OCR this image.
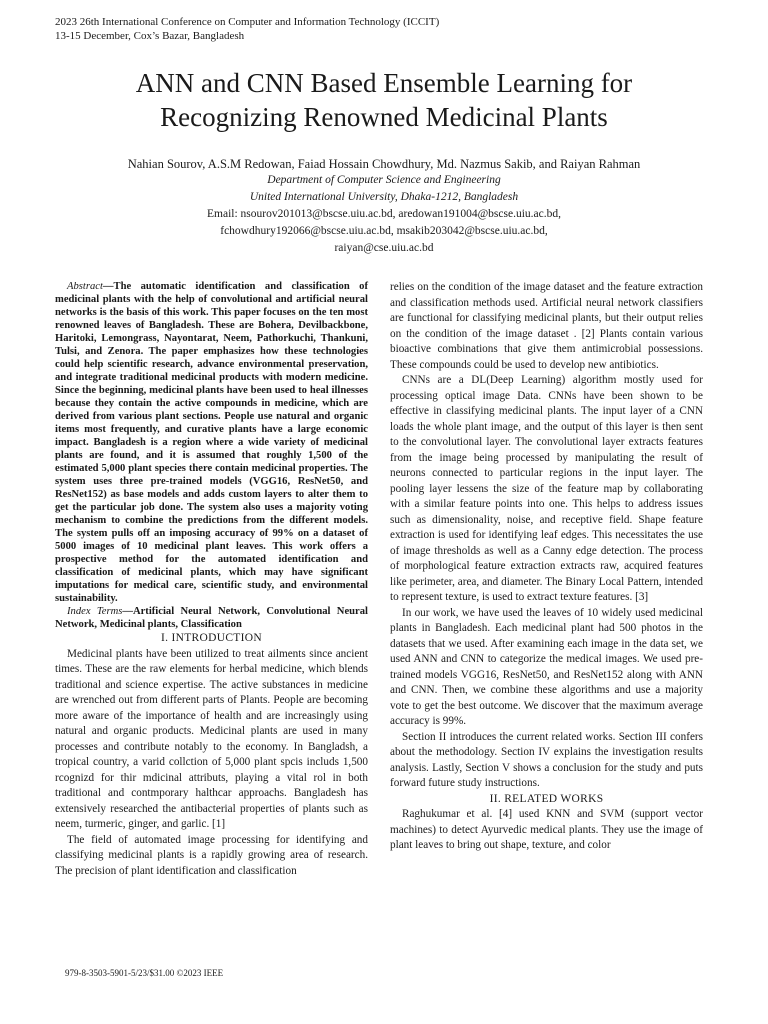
2023 26th International Conference on Computer and Information Technology (ICCIT)
13-15 December, Cox’s Bazar, Bangladesh
ANN and CNN Based Ensemble Learning for
Recognizing Renowned Medicinal Plants
Nahian Sourov, A.S.M Redowan, Faiad Hossain Chowdhury, Md. Nazmus Sakib, and Raiyan Rahman
Department of Computer Science and Engineering
United International University, Dhaka-1212, Bangladesh
Email: nsourov201013@bscse.uiu.ac.bd, aredowan191004@bscse.uiu.ac.bd,
fchowdhury192066@bscse.uiu.ac.bd, msakib203042@bscse.uiu.ac.bd,
raiyan@cse.uiu.ac.bd

Abstract—The automatic identification and classification of medicinal plants with the help of convolutional and artificial neural networks is the basis of this work. This paper focuses on the ten most renowned leaves of Bangladesh. These are Bohera, Devilbackbone, Haritoki, Lemongrass, Nayontarat, Neem, Pathorkuchi, Thankuni, Tulsi, and Zenora. The paper emphasizes how these technologies could help scientific research, advance environmental preservation, and integrate traditional medicinal products with modern medicine. Since the beginning, medicinal plants have been used to heal illnesses because they contain the active compounds in medicine, which are derived from various plant sections. People use natural and organic items most frequently, and curative plants have a large economic impact. Bangladesh is a region where a wide variety of medicinal plants are found, and it is assumed that roughly 1,500 of the estimated 5,000 plant species there contain medicinal properties. The system uses three pre-trained models (VGG16, ResNet50, and ResNet152) as base models and adds custom layers to alter them to get the particular job done. The system also uses a majority voting mechanism to combine the predictions from the different models. The system pulls off an imposing accuracy of 99% on a dataset of 5000 images of 10 medicinal plant leaves. This work offers a prospective method for the automated identification and classification of medicinal plants, which may have significant imputations for medical care, scientific study, and environmental sustainability.

Index Terms—Artificial Neural Network, Convolutional Neural Network, Medicinal plants, Classification

I. INTRODUCTION

Medicinal plants have been utilized to treat ailments since ancient times. These are the raw elements for herbal medicine, which blends traditional and science expertise. The active substances in medicine are wrenched out from different parts of Plants. People are becoming more aware of the importance of health and are increasingly using natural and organic products. Medicinal plants are used in many processes and contribute notably to the economy. In Bangladsh, a tropical country, a varid collction of 5,000 plant spcis includs 1,500 rcognizd for thir mdicinal attributs, playing a vital rol in both traditional and contmporary halthcar approachs. Bangladesh has extensively researched the antibacterial properties of plants such as neem, turmeric, ginger, and garlic. [1]

The field of automated image processing for identifying and classifying medicinal plants is a rapidly growing area of research. The precision of plant identification and classification

relies on the condition of the image dataset and the feature extraction and classification methods used. Artificial neural network classifiers are functional for classifying medicinal plants, but their output relies on the condition of the image dataset . [2] Plants contain various bioactive combinations that give them antimicrobial possessions. These compounds could be used to develop new antibiotics.

CNNs are a DL(Deep Learning) algorithm mostly used for processing optical image Data. CNNs have been shown to be effective in classifying medicinal plants. The input layer of a CNN loads the whole plant image, and the output of this layer is then sent to the convolutional layer. The convolutional layer extracts features from the image being processed by manipulating the result of neurons connected to particular regions in the input layer. The pooling layer lessens the size of the feature map by collaborating with a similar feature points into one. This helps to address issues such as dimensionality, noise, and receptive field. Shape feature extraction is used for identifying leaf edges. This necessitates the use of image thresholds as well as a Canny edge detection. The process of morphological feature extraction extracts raw, acquired features like perimeter, area, and diameter. The Binary Local Pattern, intended to represent texture, is used to extract texture features. [3]

In our work, we have used the leaves of 10 widely used medicinal plants in Bangladesh. Each medicinal plant had 500 photos in the datasets that we used. After examining each image in the data set, we used ANN and CNN to categorize the medical images. We used pre-trained models VGG16, ResNet50, and ResNet152 along with ANN and CNN. Then, we combine these algorithms and use a majority vote to get the best outcome. We discover that the maximum average accuracy is 99%.

Section II introduces the current related works. Section III confers about the methodology. Section IV explains the investigation results analysis. Lastly, Section V shows a conclusion for the study and puts forward future study instructions.

II. RELATED WORKS

Raghukumar et al. [4] used KNN and SVM (support vector machines) to detect Ayurvedic medical plants. They use the image of plant leaves to bring out shape, texture, and color

979-8-3503-5901-5/23/$31.00 ©2023 IEEE
